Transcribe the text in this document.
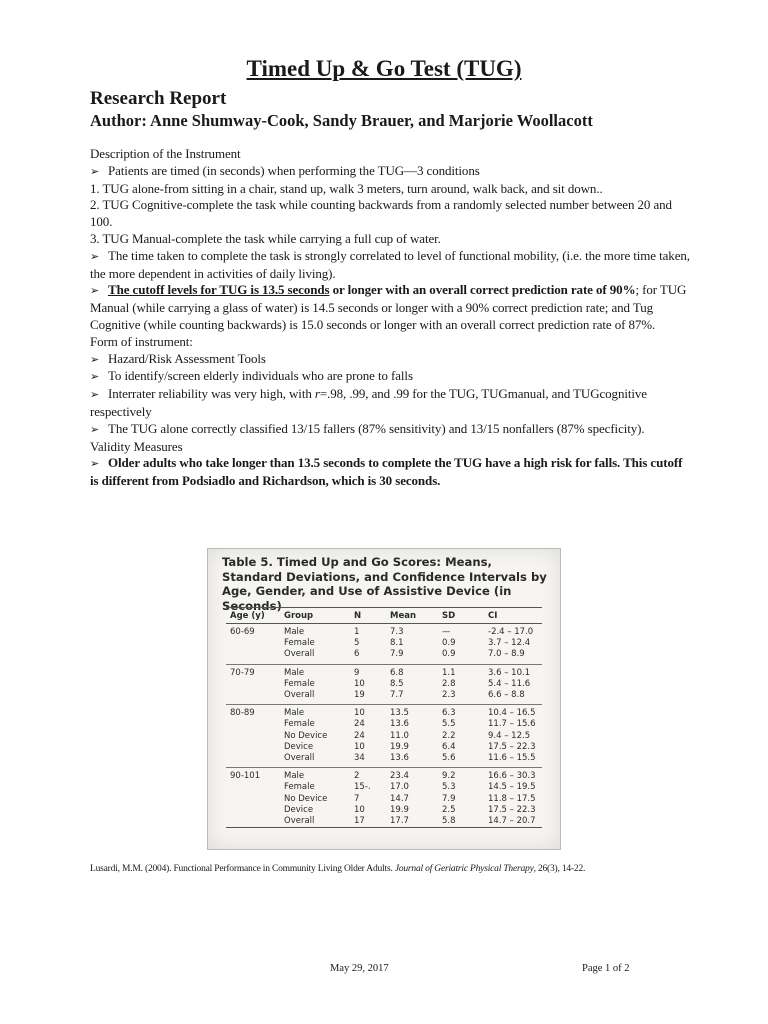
Timed Up & Go Test (TUG)
Research Report
Author: Anne Shumway-Cook, Sandy Brauer, and Marjorie Woollacott

Description of the Instrument

➢ Patients are timed (in seconds) when performing the TUG—3 conditions

1. TUG alone-from sitting in a chair, stand up, walk 3 meters, turn around, walk back, and sit down..

2. TUG Cognitive-complete the task while counting backwards from a randomly selected number between 20 and 100.

3. TUG Manual-complete the task while carrying a full cup of water.

➢ The time taken to complete the task is strongly correlated to level of functional mobility, (i.e. the more time taken, the more dependent in activities of daily living).

➢ The cutoff levels for TUG is 13.5 seconds or longer with an overall correct prediction rate of 90%; for TUG Manual (while carrying a glass of water) is 14.5 seconds or longer with a 90% correct prediction rate; and Tug Cognitive (while counting backwards) is 15.0 seconds or longer with an overall correct prediction rate of 87%.

Form of instrument:

➢ Hazard/Risk Assessment Tools

➢ To identify/screen elderly individuals who are prone to falls

➢ Interrater reliability was very high, with r=.98, .99, and .99 for the TUG, TUGmanual, and TUGcognitive respectively

➢ The TUG alone correctly classified 13/15 fallers (87% sensitivity) and 13/15 nonfallers (87% specficity).

Validity Measures

➢ Older adults who take longer than 13.5 seconds to complete the TUG have a high risk for falls. This cutoff is different from Podsiadlo and Richardson, which is 30 seconds.

Table 5. Timed Up and Go Scores: Means, Standard Deviations, and Confidence Intervals by Age, Gender, and Use of Assistive Device (in Seconds)
Age (y)	Group	N	Mean	SD	CI
60-69	Male	1	7.3	—	-2.4 – 17.0
	Female	5	8.1	0.9	3.7 – 12.4
	Overall	6	7.9	0.9	7.0 – 8.9
70-79	Male	9	6.8	1.1	3.6 – 10.1
	Female	10	8.5	2.8	5.4 – 11.6
	Overall	19	7.7	2.3	6.6 – 8.8
80-89	Male	10	13.5	6.3	10.4 – 16.5
	Female	24	13.6	5.5	11.7 – 15.6
	No Device	24	11.0	2.2	9.4 – 12.5
	Device	10	19.9	6.4	17.5 – 22.3
	Overall	34	13.6	5.6	11.6 – 15.5
90-101	Male	2	23.4	9.2	16.6 – 30.3
	Female	15-.	17.0	5.3	14.5 – 19.5
	No Device	7	14.7	7.9	11.8 – 17.5
	Device	10	19.9	2.5	17.5 – 22.3
	Overall	17	17.7	5.8	14.7 – 20.7
Lusardi, M.M. (2004). Functional Performance in Community Living Older Adults. Journal of Geriatric Physical Therapy, 26(3), 14-22.
May 29, 2017	Page 1 of 2
